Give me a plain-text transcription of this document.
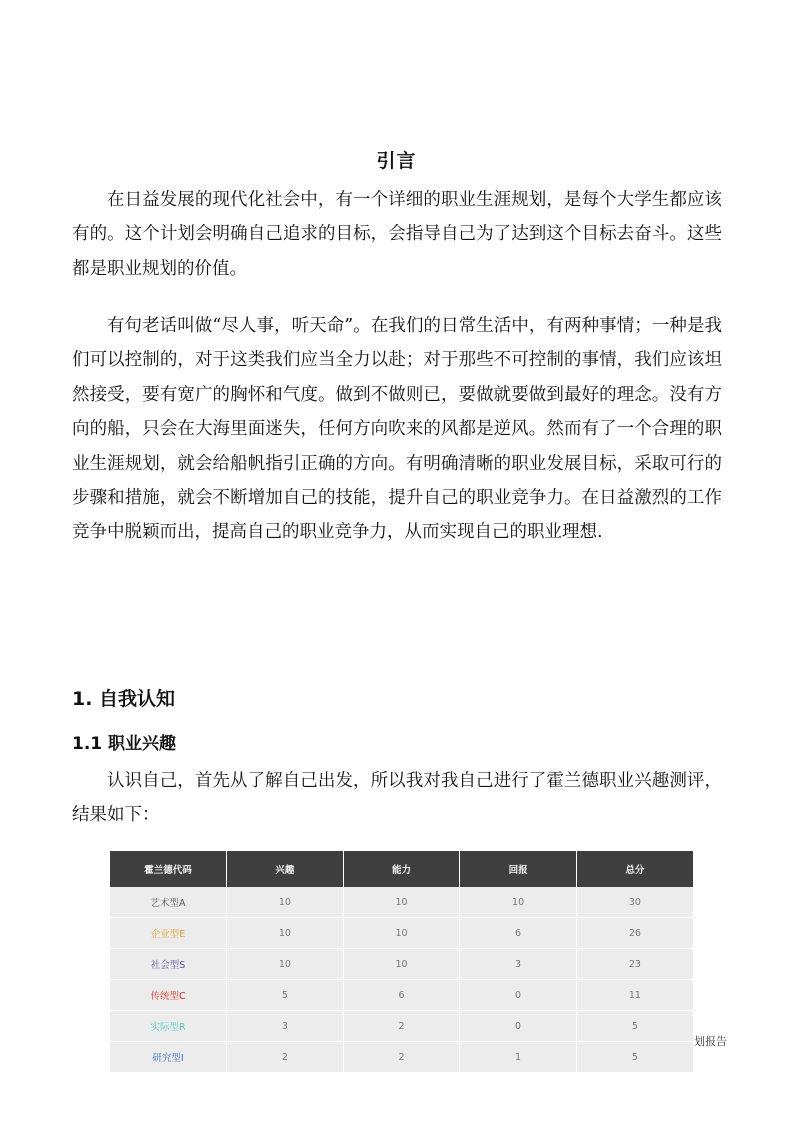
引言

在日益发展的现代化社会中，有一个详细的职业生涯规划，是每个大学生都应该有的。这个计划会明确自己追求的目标，会指导自己为了达到这个目标去奋斗。这些都是职业规划的价值。

有句老话叫做“尽人事，听天命”。在我们的日常生活中，有两种事情；一种是我们可以控制的，对于这类我们应当全力以赴；对于那些不可控制的事情，我们应该坦然接受，要有宽广的胸怀和气度。做到不做则已，要做就要做到最好的理念。没有方向的船，只会在大海里面迷失，任何方向吹来的风都是逆风。然而有了一个合理的职业生涯规划，就会给船帆指引正确的方向。有明确清晰的职业发展目标，采取可行的步骤和措施，就会不断增加自己的技能，提升自己的职业竞争力。在日益激烈的工作竞争中脱颖而出，提高自己的职业竞争力，从而实现自己的职业理想.

1. 自我认知
1.1 职业兴趣

认识自己，首先从了解自己出发，所以我对我自己进行了霍兰德职业兴趣测评，结果如下：

霍兰德代码	兴趣	能力	回报	总分
艺术型A	10	10	10	30
企业型E	10	10	6	26
社会型S	10	10	3	23
传统型C	5	6	0	11
实际型R	3	2	0	5
研究型I	2	2	1	5
划报告
